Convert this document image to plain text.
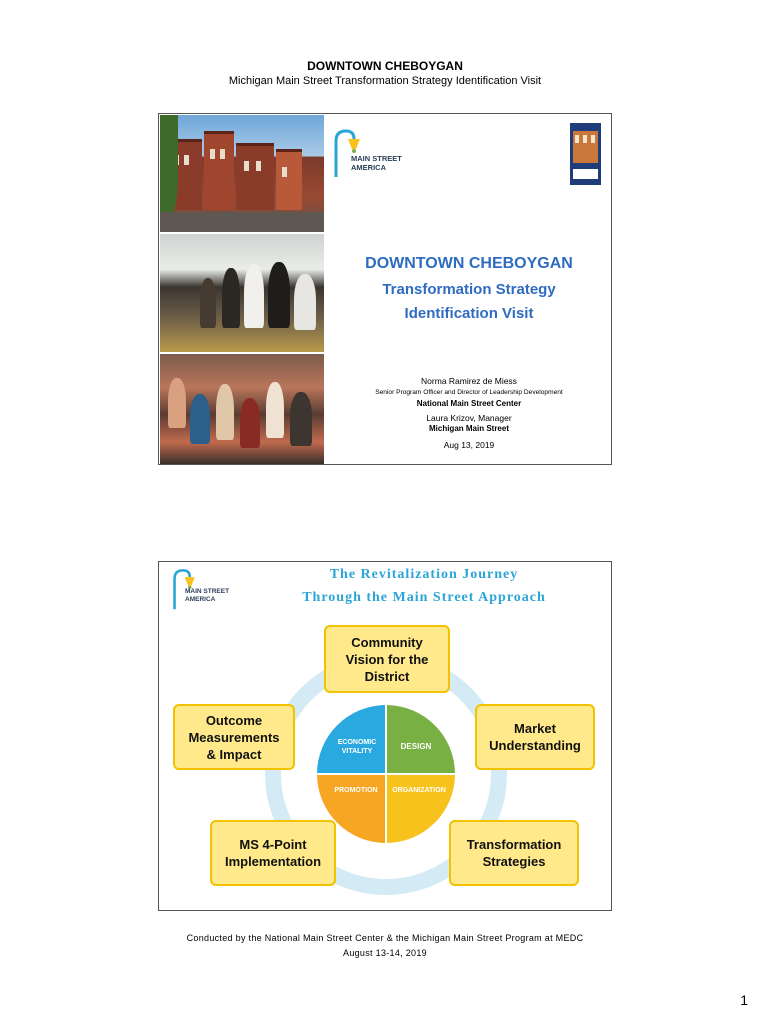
DOWNTOWN CHEBOYGAN
Michigan Main Street Transformation Strategy Identification Visit
MAIN STREET
AMERICA
DOWNTOWN CHEBOYGAN
Transformation Strategy
Identification Visit
Norma Ramirez de Miess
Senior Program Officer and Director of Leadership Development
National Main Street Center
Laura Krizov, Manager
Michigan Main Street
Aug 13, 2019
MAIN STREET
AMERICA
The Revitalization Journey
Through the Main Street Approach
ECONOMIC
VITALITY
DESIGN
PROMOTION	ORGANIZATION
Community
Vision for the
District
Outcome
Measurements
& Impact
Market
Understanding
MS 4-Point
Implementation
Transformation
Strategies
Conducted by the National Main Street Center & the Michigan Main Street Program at MEDC
August 13-14, 2019
1
